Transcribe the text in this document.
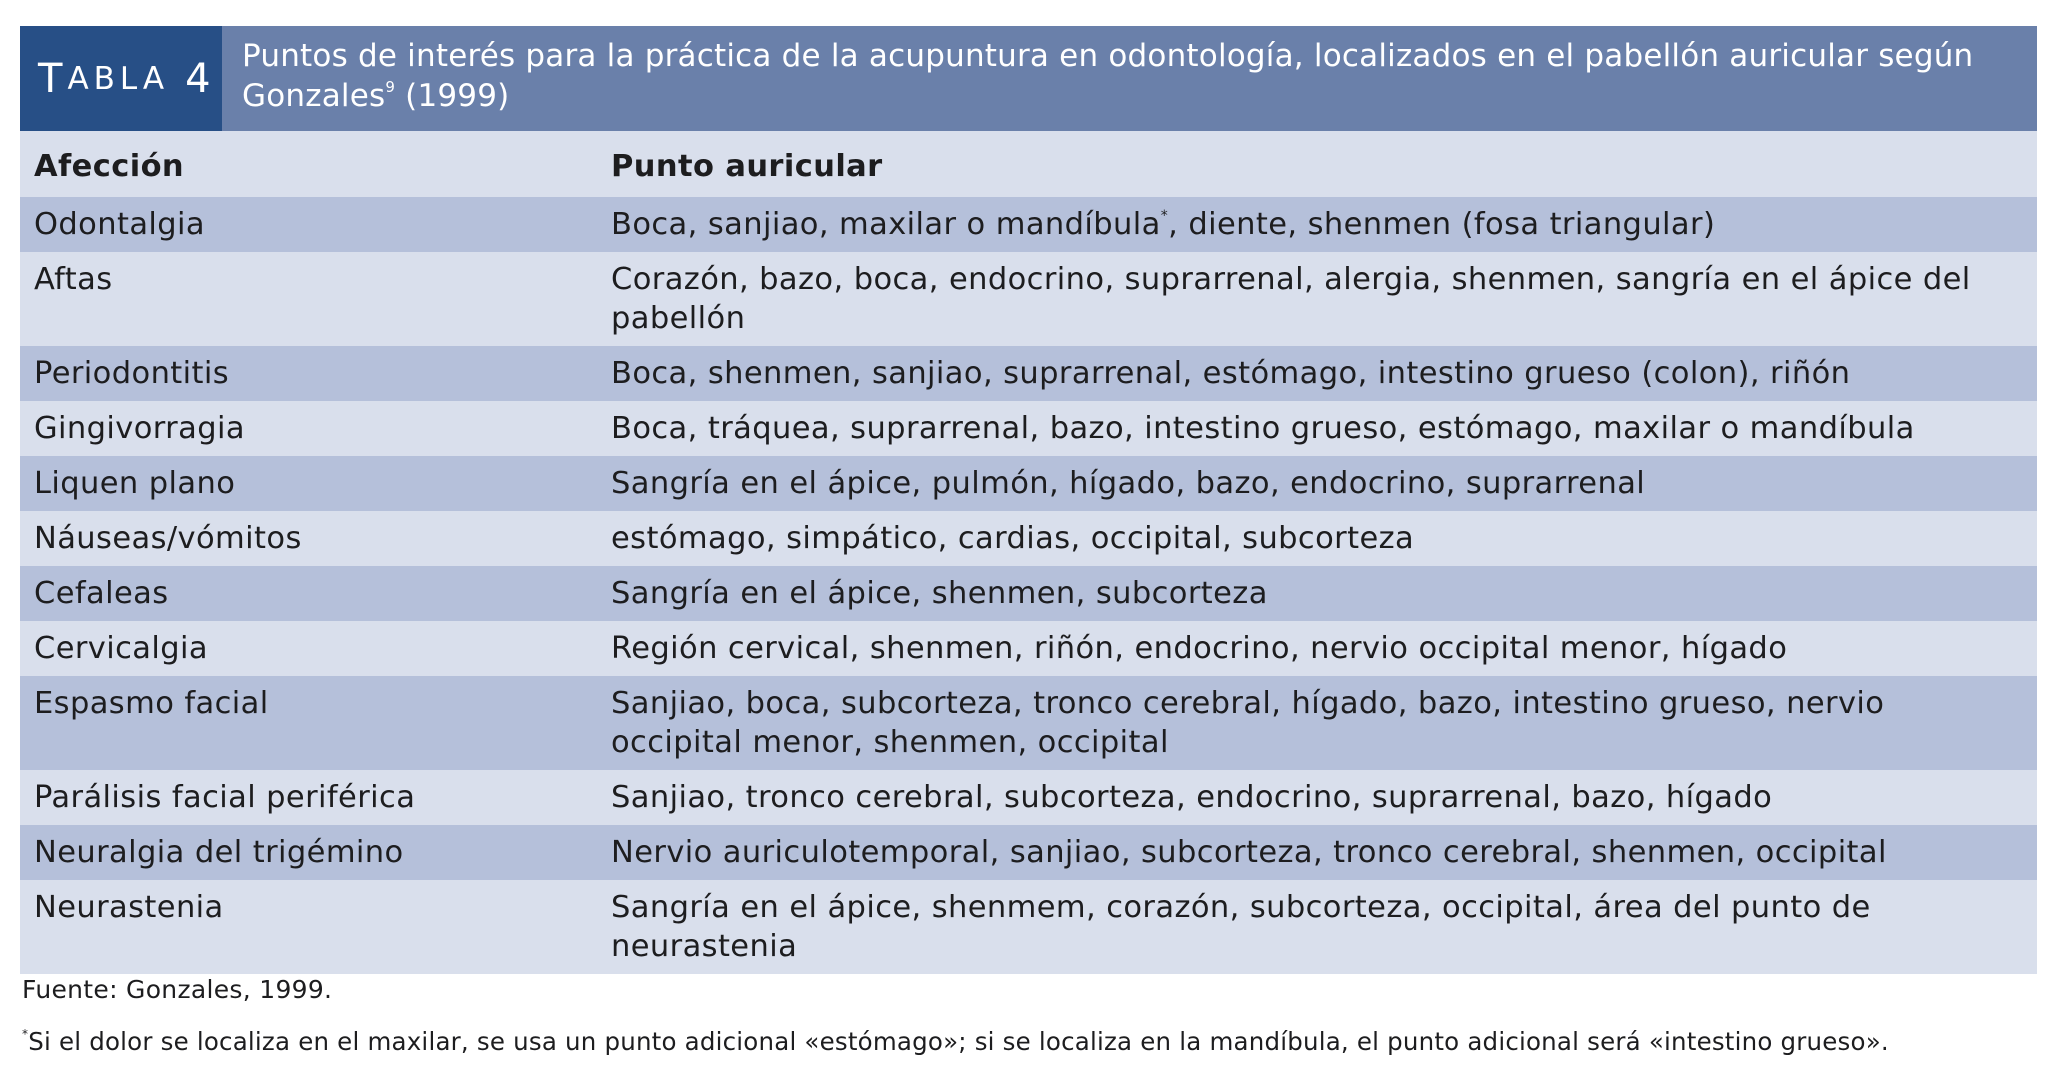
T ABLA 4 Puntos de interés para la práctica de la acupuntura en odontología, localizados en el pabellón auricular según Gonzales$^9$ (1999)
Afección	Punto auricular
Odontalgia	Boca, sanjiao, maxilar o mandíbula*, diente, shenmen (fosa triangular)
Aftas	Corazón, bazo, boca, endocrino, suprarrenal, alergia, shenmen, sangría en el ápice del pabellón
Periodontitis	Boca, shenmen, sanjiao, suprarrenal, estómago, intestino grueso (colon), riñón
Gingivorragia	Boca, tráquea, suprarrenal, bazo, intestino grueso, estómago, maxilar o mandíbula
Liquen plano	Sangría en el ápice, pulmón, hígado, bazo, endocrino, suprarrenal
Náuseas/vómitos	estómago, simpático, cardias, occipital, subcorteza
Cefaleas	Sangría en el ápice, shenmen, subcorteza
Cervicalgia	Región cervical, shenmen, riñón, endocrino, nervio occipital menor, hígado
Espasmo facial	Sanjiao, boca, subcorteza, tronco cerebral, hígado, bazo, intestino grueso, nervio occipital menor, shenmen, occipital
Parálisis facial periférica	Sanjiao, tronco cerebral, subcorteza, endocrino, suprarrenal, bazo, hígado
Neuralgia del trigémino	Nervio auriculotemporal, sanjiao, subcorteza, tronco cerebral, shenmen, occipital
Neurastenia	Sangría en el ápice, shenmem, corazón, subcorteza, occipital, área del punto de neurastenia
Fuente: Gonzales, 1999.
*Si el dolor se localiza en el maxilar, se usa un punto adicional «estómago»; si se localiza en la mandíbula, el punto adicional será «intestino grueso».
